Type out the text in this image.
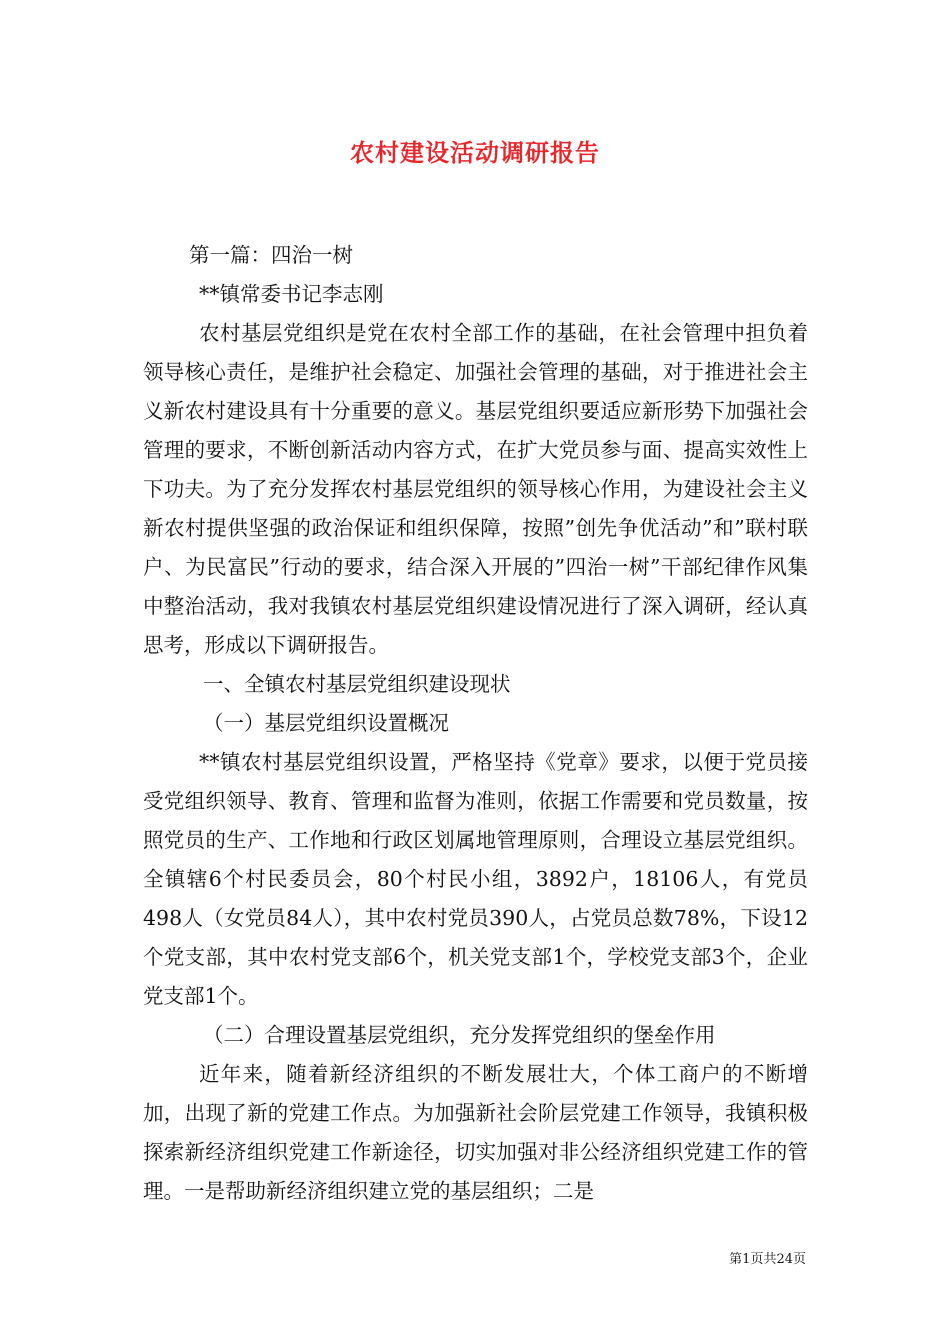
农村建设活动调研报告

第一篇：四治一树

**镇常委书记李志刚

农村基层党组织是党在农村全部工作的基础，在社会管理中担负着领导核心责任，是维护社会稳定、加强社会管理的基础，对于推进社会主义新农村建设具有十分重要的意义。基层党组织要适应新形势下加强社会管理的要求，不断创新活动内容方式，在扩大党员参与面、提高实效性上下功夫。为了充分发挥农村基层党组织的领导核心作用，为建设社会主义新农村提供坚强的政治保证和组织保障，按照”创先争优活动”和”联村联户、为民富民”行动的要求，结合深入开展的”四治一树”干部纪律作风集中整治活动，我对我镇农村基层党组织建设情况进行了深入调研，经认真思考，形成以下调研报告。

一、全镇农村基层党组织建设现状

（一）基层党组织设置概况

**镇农村基层党组织设置，严格坚持《党章》要求，以便于党员接受党组织领导、教育、管理和监督为准则，依据工作需要和党员数量，按照党员的生产、工作地和行政区划属地管理原则，合理设立基层党组织。全镇辖6个村民委员会，80个村民小组，3892户，18106人，有党员498人（女党员84人），其中农村党员390人，占党员总数78%，下设12个党支部，其中农村党支部6个，机关党支部1个，学校党支部3个，企业党支部1个。

（二）合理设置基层党组织，充分发挥党组织的堡垒作用

近年来，随着新经济组织的不断发展壮大，个体工商户的不断增加，出现了新的党建工作点。为加强新社会阶层党建工作领导，我镇积极探索新经济组织党建工作新途径，切实加强对非公经济组织党建工作的管理。一是帮助新经济组织建立党的基层组织；二是

第1页共24页
